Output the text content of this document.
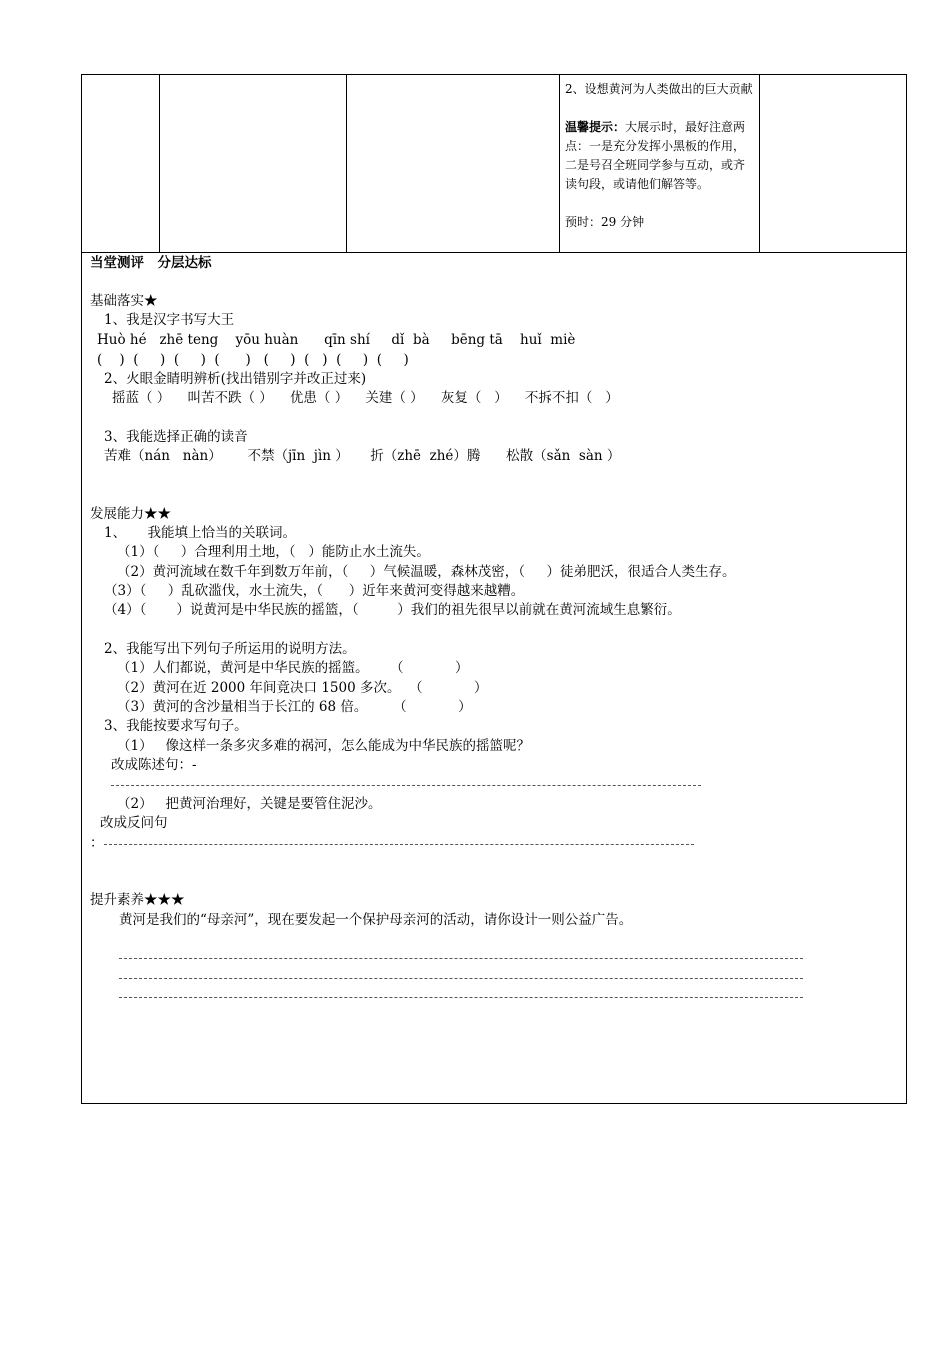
2、设想黄河为人类做出的巨大贡献

温馨提示：大展示时，最好注意两点：一是充分发挥小黑板的作用，二是号召全班同学参与互动，或齐读句段，或请他们解答等。

预时：29 分钟

当堂测评　分层达标
基础落实★
1、我是汉字书写大王
Huò hé   zhē teng    yōu huàn      qīn shí     dǐ  bà     bēng tā    huǐ  miè
(    )  (     )  (     )  (      )   (     )  (   )  (     )  (     )
2、火眼金睛明辨析(找出错别字并改正过来)
摇蓝（ ）    叫苦不跌（ ）    优患（ ）    关建（ ）    灰复（   ）    不拆不扣（   ）
3、我能选择正确的读音
苦难（nán   nàn）      不禁（jīn  jìn ）     折（zhē  zhé）腾      松散（sǎn  sàn ）
发展能力★★
1、     我能填上恰当的关联词。
（1）（     ）合理利用土地，（   ）能防止水土流失。
（2）黄河流域在数千年到数万年前，（     ）气候温暖，森林茂密，（     ）徒弟肥沃，很适合人类生存。
（3）（     ）乱砍滥伐，水土流失，（      ）近年来黄河变得越来越糟。
（4）（       ）说黄河是中华民族的摇篮，（         ）我们的祖先很早以前就在黄河流域生息繁衍。
2、我能写出下列句子所运用的说明方法。
（1）人们都说，黄河是中华民族的摇篮。     （            ）
（2）黄河在近 2000 年间竟决口 1500 多次。  （            ）
（3）黄河的含沙量相当于长江的 68 倍。      （            ）
3、我能按要求写句子。
（1）   像这样一条多灾多难的祸河，怎么能成为中华民族的摇篮呢？
改成陈述句：-
（2）   把黄河治理好，关键是要管住泥沙。
改成反问句
：
提升素养★★★
黄河是我们的“母亲河”，现在要发起一个保护母亲河的活动，请你设计一则公益广告。
